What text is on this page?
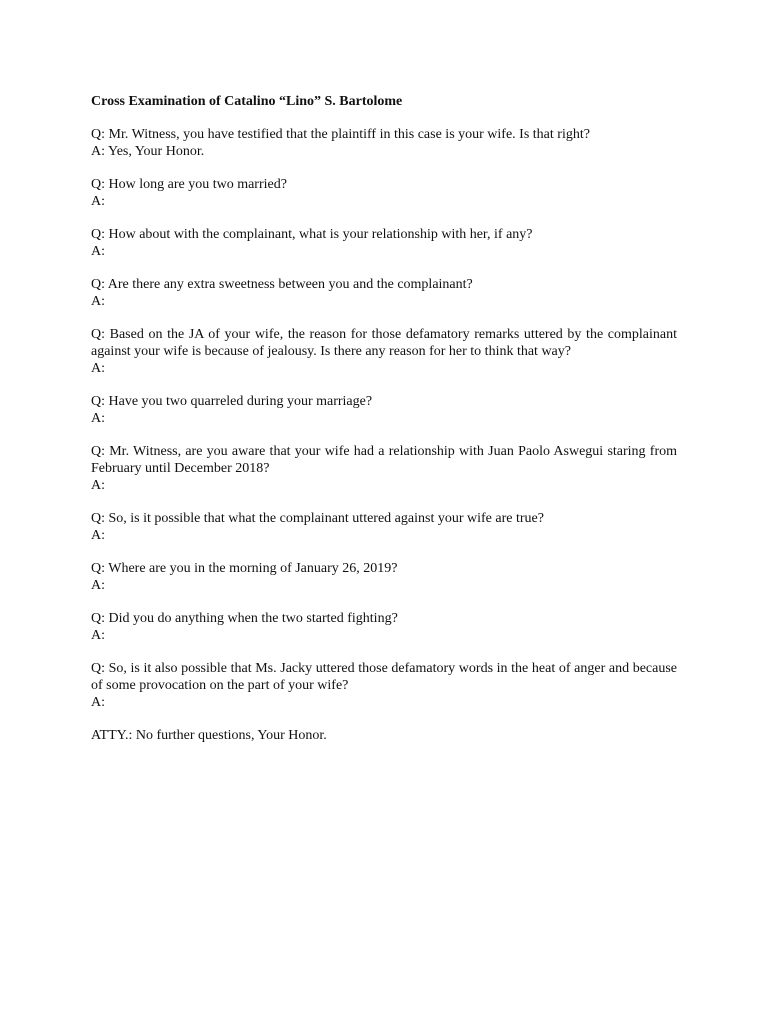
Cross Examination of Catalino “Lino” S. Bartolome

Q: Mr. Witness, you have testified that the plaintiff in this case is your wife. Is that right?

A: Yes, Your Honor.

Q: How long are you two married?

A:

Q: How about with the complainant, what is your relationship with her, if any?

A:

Q: Are there any extra sweetness between you and the complainant?

A:

Q: Based on the JA of your wife, the reason for those defamatory remarks uttered by the complainant against your wife is because of jealousy. Is there any reason for her to think that way?

A:

Q: Have you two quarreled during your marriage?

A:

Q: Mr. Witness, are you aware that your wife had a relationship with Juan Paolo Aswegui staring from February until December 2018?

A:

Q: So, is it possible that what the complainant uttered against your wife are true?

A:

Q: Where are you in the morning of January 26, 2019?

A:

Q: Did you do anything when the two started fighting?

A:

Q: So, is it also possible that Ms. Jacky uttered those defamatory words in the heat of anger and because of some provocation on the part of your wife?

A:

ATTY.: No further questions, Your Honor.
